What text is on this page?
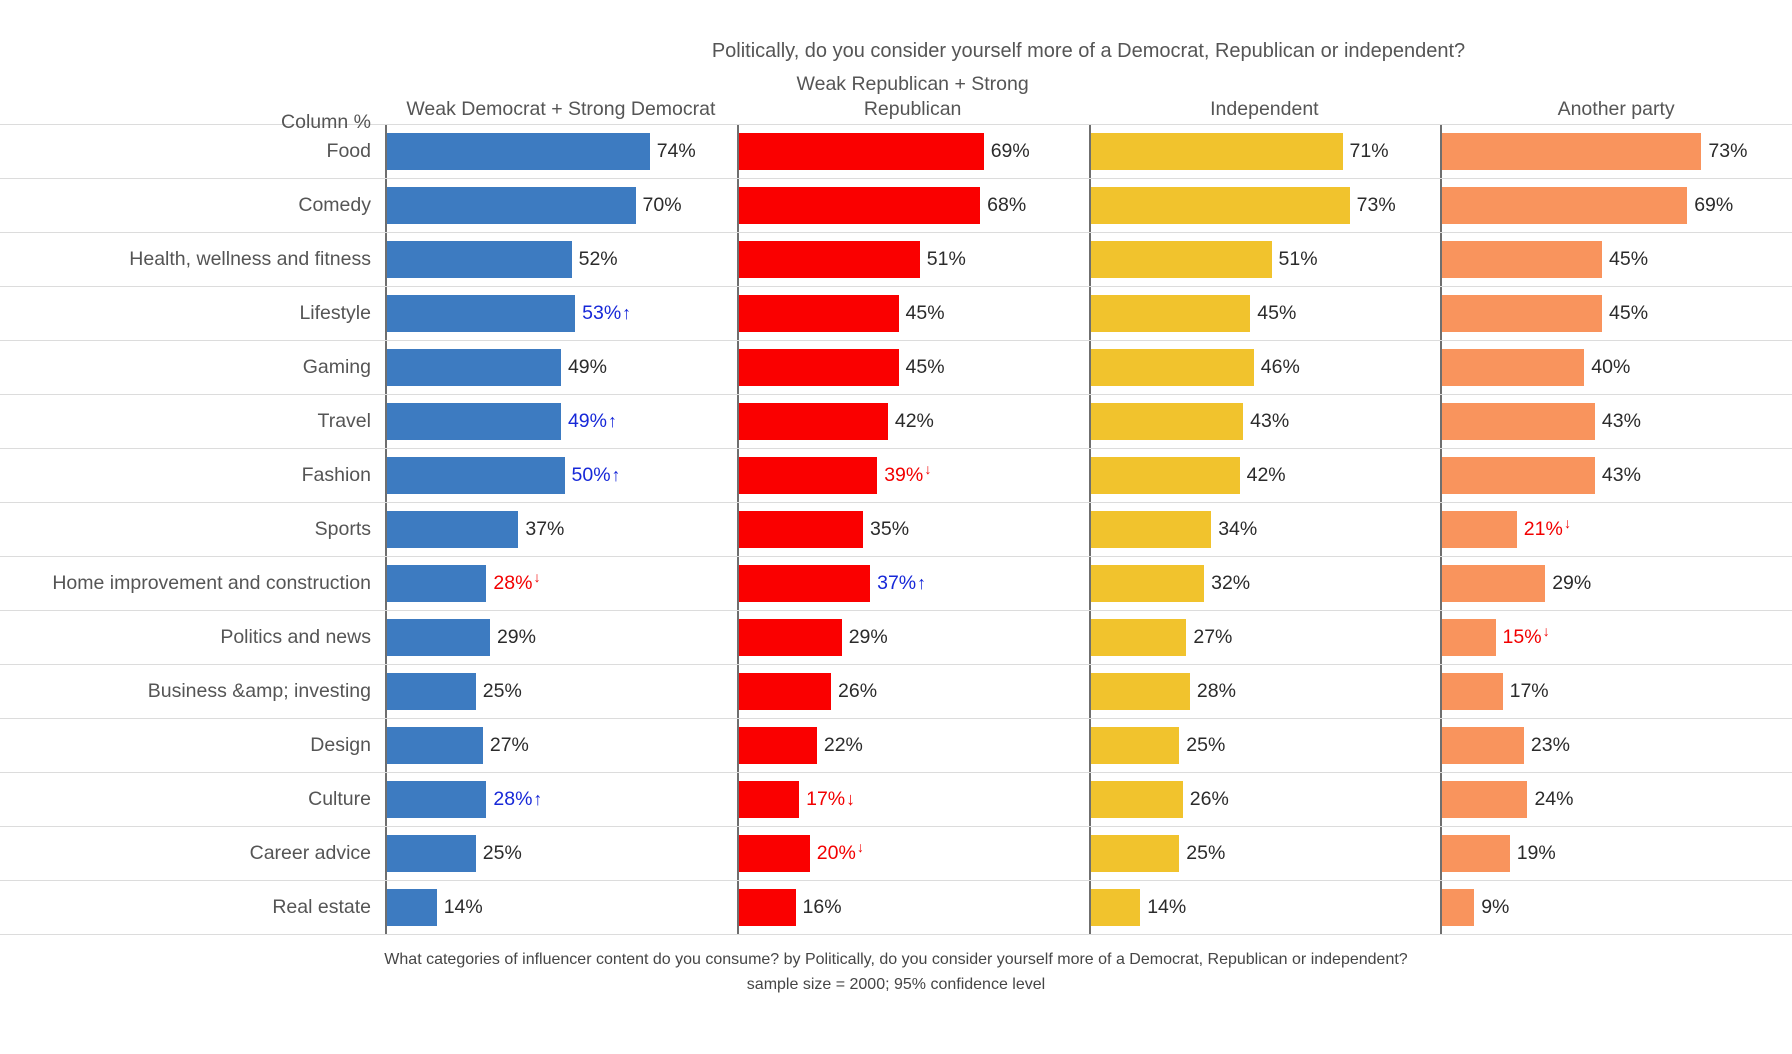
Politically, do you consider yourself more of a Democrat, Republican or independent?
Column %
Weak Democrat + Strong Democrat
Weak Republican + Strong Republican	Independent	Another party
Food	74%	69%	71%	73%
Comedy	70%	68%	73%	69%
Health, wellness and fitness	52%	51%	51%	45%
Lifestyle	53% ↑	45%	45%	45%
Gaming	49%	45%	46%	40%
Travel	49% ↑	42%	43%	43%
Fashion	50% ↑	39% ↓	42%	43%
Sports	37%	35%	34%	21% ↓
Home improvement and construction	28% ↓	37% ↑	32%	29%
Politics and news	29%	29%	27%	15% ↓
Business &amp; investing	25%	26%	28%	17%
Design	27%	22%	25%	23%
Culture	28% ↑	17% ↓	26%	24%
Career advice	25%	20% ↓	25%	19%
Real estate	14%	16%	14%	9%
What categories of influencer content do you consume? by Politically, do you consider yourself more of a Democrat, Republican or independent?
sample size = 2000; 95% confidence level
